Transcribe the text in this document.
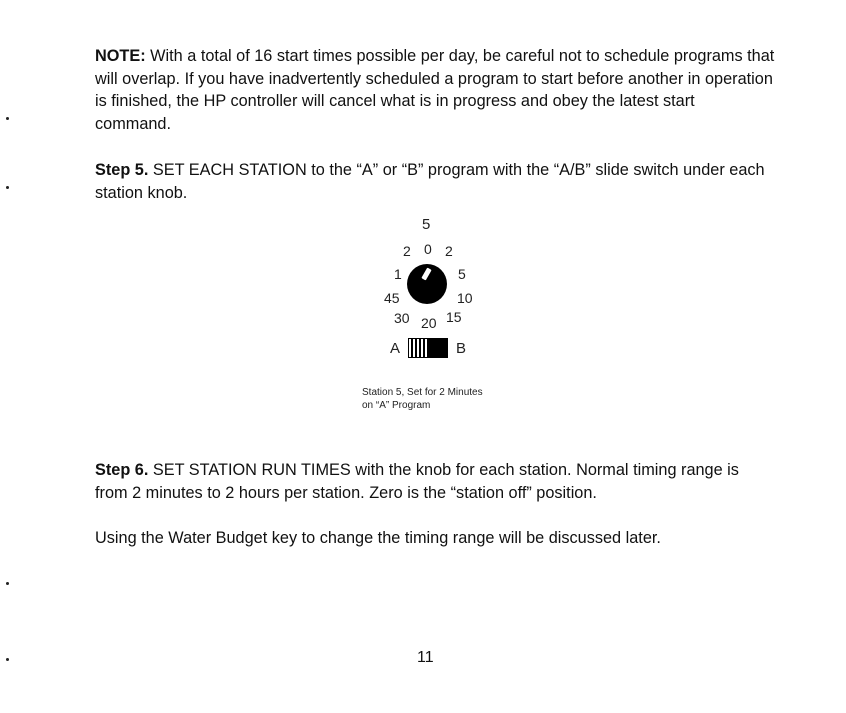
NOTE: With a total of 16 start times possible per day, be careful not to schedule programs that will overlap. If you have inadvertently scheduled a program to start before another in operation is finished, the HP controller will cancel what is in progress and obey the latest start command.

Step 5. SET EACH STATION to the “A” or “B” program with the “A/B” slide switch under each station knob.

5
2 0 2
1	5
45	10
30 20 15
A	B
Station 5, Set for 2 Minutes
on “A” Program

Step 6. SET STATION RUN TIMES with the knob for each station. Normal timing range is from 2 minutes to 2 hours per station. Zero is the “station off” position.

Using the Water Budget key to change the timing range will be discussed later.

11
